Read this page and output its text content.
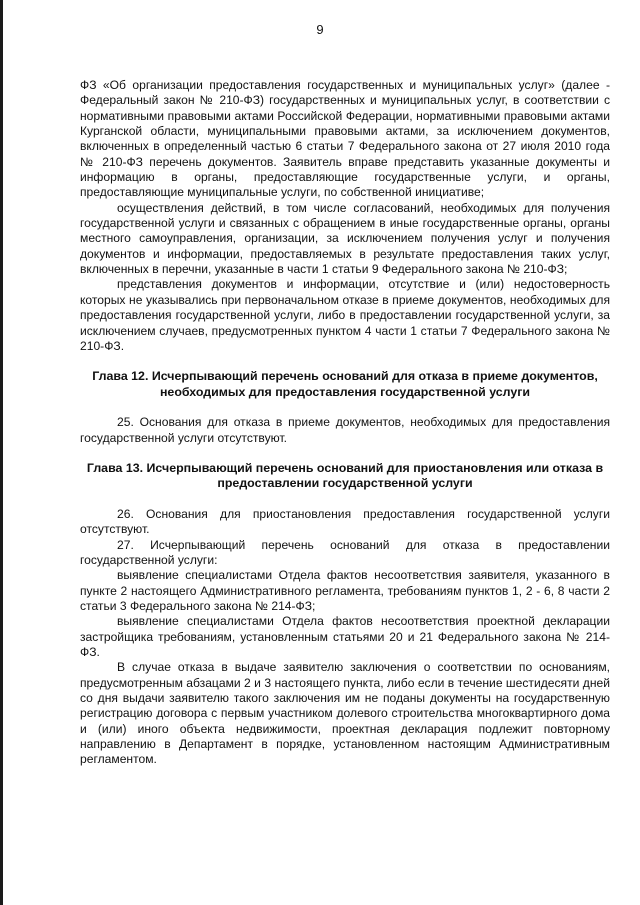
9

ФЗ «Об организации предоставления государственных и муниципальных услуг» (далее - Федеральный закон № 210-ФЗ) государственных и муниципальных услуг, в соответствии с нормативными правовыми актами Российской Федерации, нормативными правовыми актами Курганской области, муниципальными правовыми актами, за исключением документов, включенных в определенный частью 6 статьи 7 Федерального закона от 27 июля 2010 года № 210-ФЗ перечень документов. Заявитель вправе представить указанные документы и информацию в органы, предоставляющие государственные услуги, и органы, предоставляющие муниципальные услуги, по собственной инициативе;

осуществления действий, в том числе согласований, необходимых для получения государственной услуги и связанных с обращением в иные государственные органы, органы местного самоуправления, организации, за исключением получения услуг и получения документов и информации, предоставляемых в результате предоставления таких услуг, включенных в перечни, указанные в части 1 статьи 9 Федерального закона № 210-ФЗ;

представления документов и информации, отсутствие и (или) недостоверность которых не указывались при первоначальном отказе в приеме документов, необходимых для предоставления государственной услуги, либо в предоставлении государственной услуги, за исключением случаев, предусмотренных пунктом 4 части 1 статьи 7 Федерального закона № 210-ФЗ.

Глава 12. Исчерпывающий перечень оснований для отказа в приеме документов, необходимых для предоставления государственной услуги

25. Основания для отказа в приеме документов, необходимых для предоставления государственной услуги отсутствуют.

Глава 13. Исчерпывающий перечень оснований для приостановления или отказа в предоставлении государственной услуги

26. Основания для приостановления предоставления государственной услуги отсутствуют.

27. Исчерпывающий перечень оснований для отказа в предоставлении государственной услуги:

выявление специалистами Отдела фактов несоответствия заявителя, указанного в пункте 2 настоящего Административного регламента, требованиям пунктов 1, 2 - 6, 8 части 2 статьи 3 Федерального закона № 214-ФЗ;

выявление специалистами Отдела фактов несоответствия проектной декларации застройщика требованиям, установленным статьями 20 и 21 Федерального закона № 214-ФЗ.

В случае отказа в выдаче заявителю заключения о соответствии по основаниям, предусмотренным абзацами 2 и 3 настоящего пункта, либо если в течение шестидесяти дней со дня выдачи заявителю такого заключения им не поданы документы на государственную регистрацию договора с первым участником долевого строительства многоквартирного дома и (или) иного объекта недвижимости, проектная декларация подлежит повторному направлению в Департамент в порядке, установленном настоящим Административным регламентом.
